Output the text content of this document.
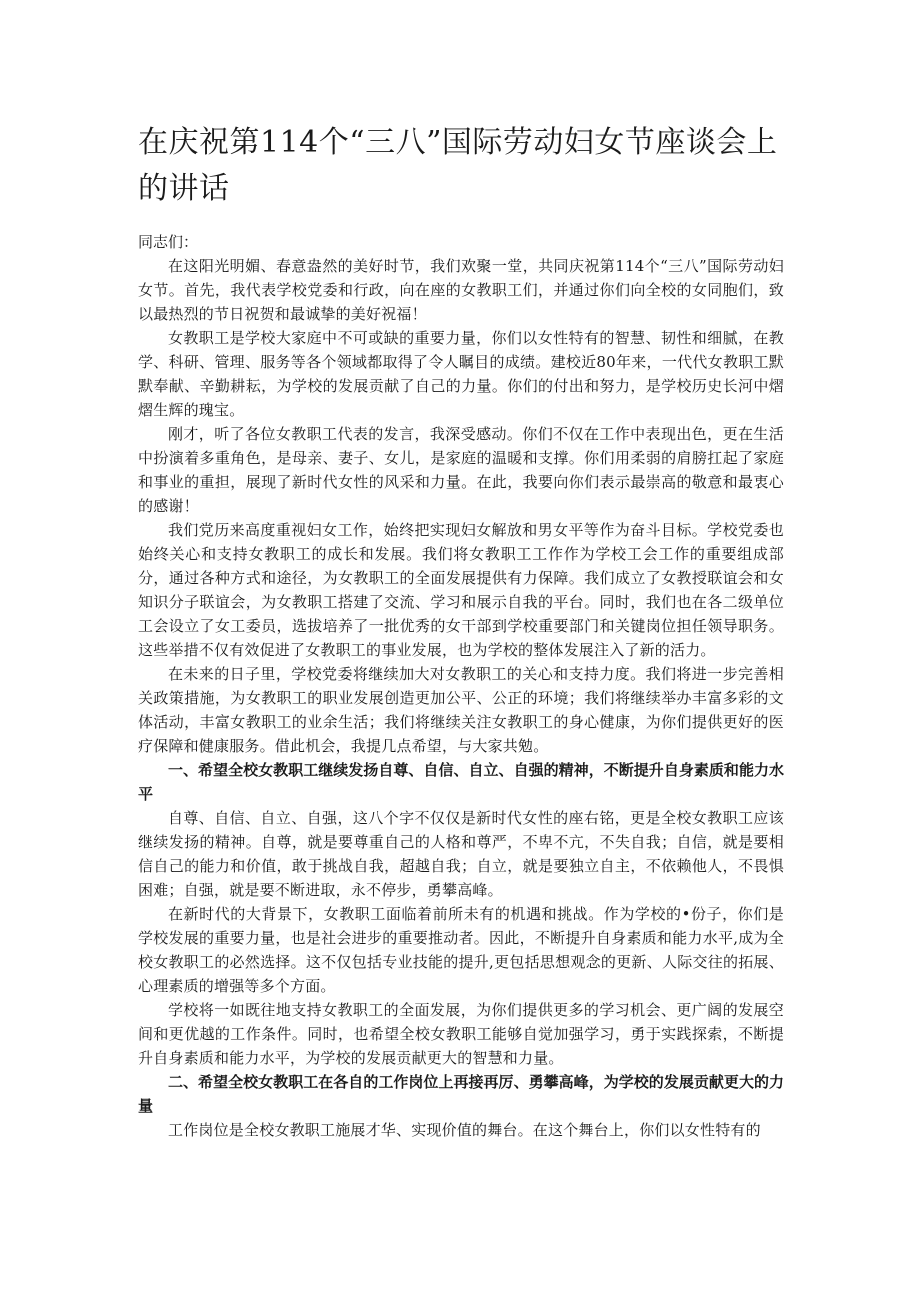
在庆祝第114个“三八”国际劳动妇女节座谈会上的讲话

同志们：

在这阳光明媚、春意盎然的美好时节，我们欢聚一堂，共同庆祝第114个“三八”国际劳动妇女节。首先，我代表学校党委和行政，向在座的女教职工们，并通过你们向全校的女同胞们，致以最热烈的节日祝贺和最诚挚的美好祝福！

女教职工是学校大家庭中不可或缺的重要力量，你们以女性特有的智慧、韧性和细腻，在教学、科研、管理、服务等各个领域都取得了令人瞩目的成绩。建校近80年来，一代代女教职工默默奉献、辛勤耕耘，为学校的发展贡献了自己的力量。你们的付出和努力，是学校历史长河中熠熠生辉的瑰宝。

刚才，听了各位女教职工代表的发言，我深受感动。你们不仅在工作中表现出色，更在生活中扮演着多重角色，是母亲、妻子、女儿，是家庭的温暖和支撑。你们用柔弱的肩膀扛起了家庭和事业的重担，展现了新时代女性的风采和力量。在此，我要向你们表示最崇高的敬意和最衷心的感谢！

我们党历来高度重视妇女工作，始终把实现妇女解放和男女平等作为奋斗目标。学校党委也始终关心和支持女教职工的成长和发展。我们将女教职工工作作为学校工会工作的重要组成部分，通过各种方式和途径，为女教职工的全面发展提供有力保障。我们成立了女教授联谊会和女知识分子联谊会，为女教职工搭建了交流、学习和展示自我的平台。同时，我们也在各二级单位工会设立了女工委员，选拔培养了一批优秀的女干部到学校重要部门和关键岗位担任领导职务。这些举措不仅有效促进了女教职工的事业发展，也为学校的整体发展注入了新的活力。

在未来的日子里，学校党委将继续加大对女教职工的关心和支持力度。我们将进一步完善相关政策措施，为女教职工的职业发展创造更加公平、公正的环境；我们将继续举办丰富多彩的文体活动，丰富女教职工的业余生活；我们将继续关注女教职工的身心健康，为你们提供更好的医疗保障和健康服务。借此机会，我提几点希望，与大家共勉。

一、希望全校女教职工继续发扬自尊、自信、自立、自强的精神，不断提升自身素质和能力水平

自尊、自信、自立、自强，这八个字不仅仅是新时代女性的座右铭，更是全校女教职工应该继续发扬的精神。自尊，就是要尊重自己的人格和尊严，不卑不亢，不失自我；自信，就是要相信自己的能力和价值，敢于挑战自我，超越自我；自立，就是要独立自主，不依赖他人，不畏惧困难；自强，就是要不断进取，永不停步，勇攀高峰。

在新时代的大背景下，女教职工面临着前所未有的机遇和挑战。作为学校的•份子，你们是学校发展的重要力量，也是社会进步的重要推动者。因此，不断提升自身素质和能力水平,成为全校女教职工的必然选择。这不仅包括专业技能的提升,更包括思想观念的更新、人际交往的拓展、心理素质的增强等多个方面。

学校将一如既往地支持女教职工的全面发展，为你们提供更多的学习机会、更广阔的发展空间和更优越的工作条件。同时，也希望全校女教职工能够自觉加强学习，勇于实践探索，不断提升自身素质和能力水平，为学校的发展贡献更大的智慧和力量。

二、希望全校女教职工在各自的工作岗位上再接再厉、勇攀高峰，为学校的发展贡献更大的力量

工作岗位是全校女教职工施展才华、实现价值的舞台。在这个舞台上，你们以女性特有的
